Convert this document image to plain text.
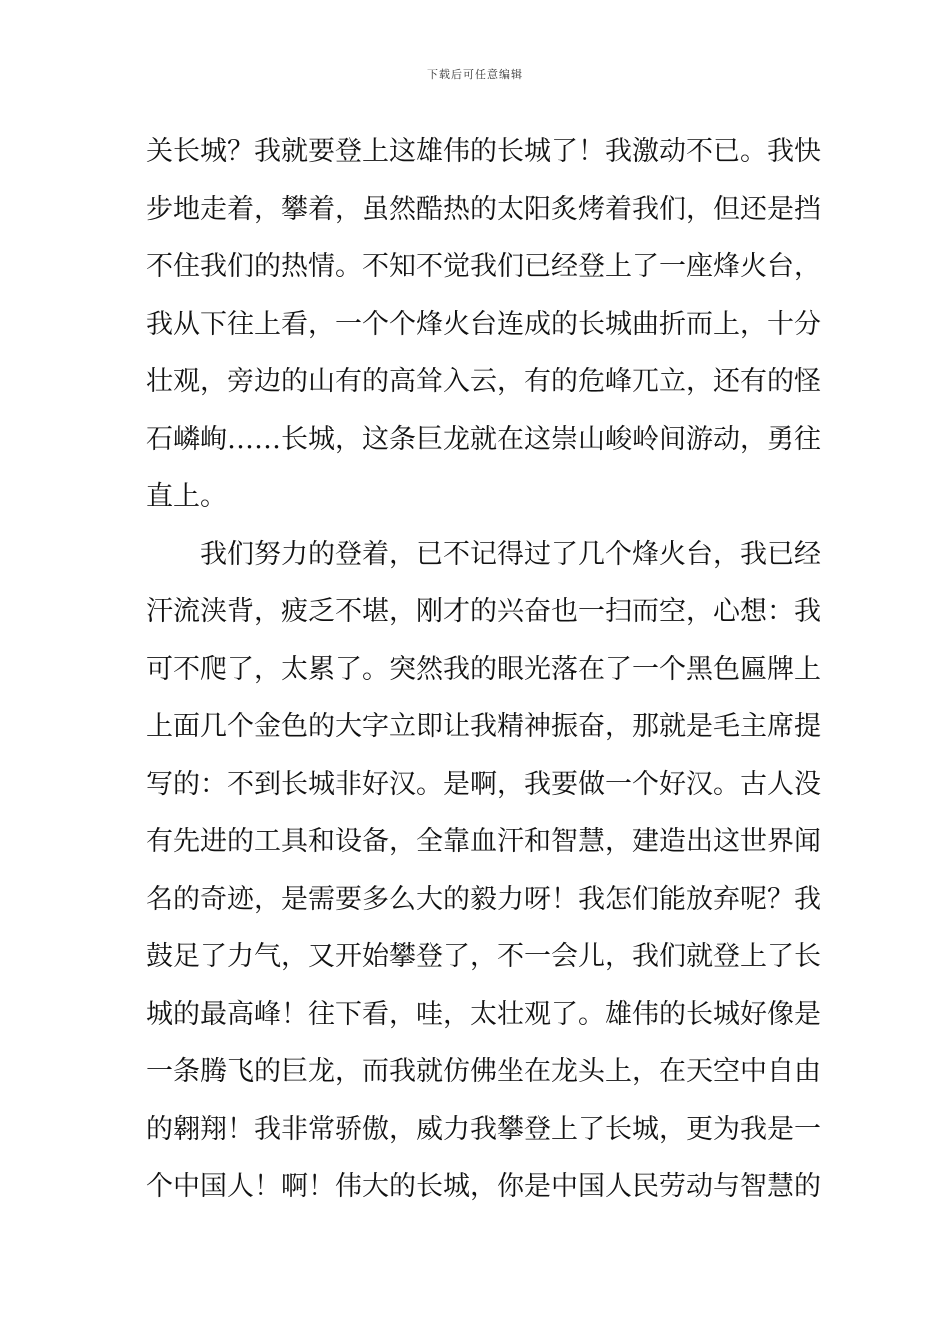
下载后可任意编辑
关长城？我就要登上这雄伟的长城了！我激动不已。我快
步地走着，攀着，虽然酷热的太阳炙烤着我们，但还是挡
不住我们的热情。不知不觉我们已经登上了一座烽火台，
我从下往上看，一个个烽火台连成的长城曲折而上，十分
壮观，旁边的山有的高耸入云，有的危峰兀立，还有的怪
石嶙峋……长城，这条巨龙就在这崇山峻岭间游动，勇往
直上。
我们努力的登着，已不记得过了几个烽火台，我已经
汗流浃背，疲乏不堪，刚才的兴奋也一扫而空，心想：我
可不爬了，太累了。突然我的眼光落在了一个黑色匾牌上
上面几个金色的大字立即让我精神振奋，那就是毛主席提
写的：不到长城非好汉。是啊，我要做一个好汉。古人没
有先进的工具和设备，全靠血汗和智慧，建造出这世界闻
名的奇迹，是需要多么大的毅力呀！我怎们能放弃呢？我
鼓足了力气，又开始攀登了，不一会儿，我们就登上了长
城的最高峰！往下看，哇，太壮观了。雄伟的长城好像是
一条腾飞的巨龙，而我就仿佛坐在龙头上，在天空中自由
的翱翔！我非常骄傲，威力我攀登上了长城，更为我是一
个中国人！啊！伟大的长城，你是中国人民劳动与智慧的
